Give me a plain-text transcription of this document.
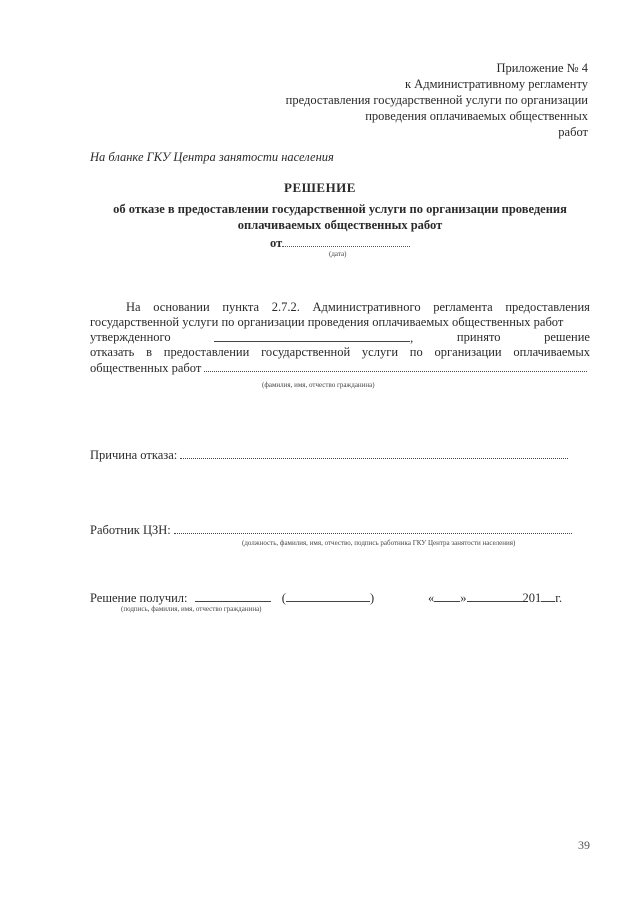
Приложение № 4
к Административному регламенту
предоставления государственной услуги по организации
проведения оплачиваемых общественных
работ
На бланке ГКУ Центра занятости населения
РЕШЕНИЕ
об отказе в предоставлении государственной услуги по организации проведения
оплачиваемых общественных работ
от
(дата)
На основании пункта 2.7.2. Административного регламента предоставления
государственной услуги по организации проведения оплачиваемых общественных работ
утвержденного	,	принято	решение
отказать в предоставлении государственной услуги по организации оплачиваемых
общественных работ
(фамилия, имя, отчество гражданина)
Причина отказа:
Работник ЦЗН:
(должность, фамилия, имя, отчество, подпись работника ГКУ Центра занятости населения)
Решение получил:	(	)
(подпись, фамилия, имя, отчество гражданина)
« »	201 г.
39
